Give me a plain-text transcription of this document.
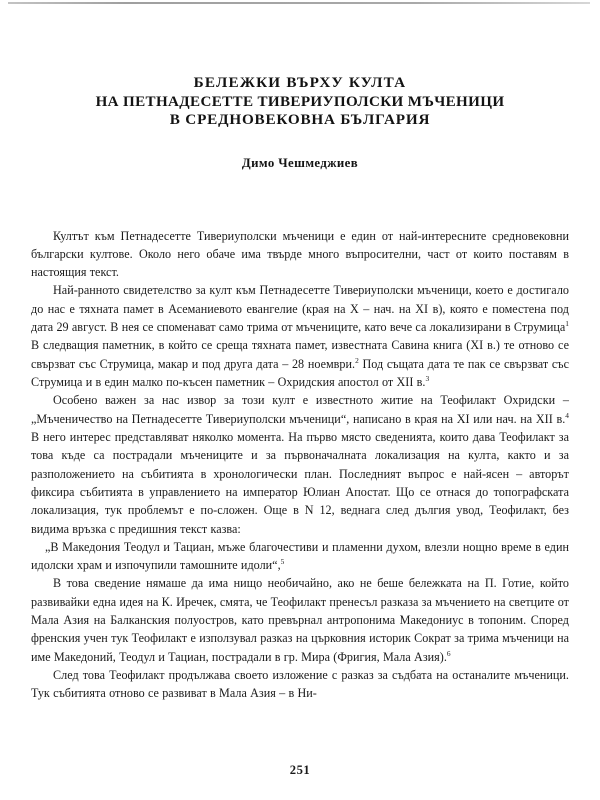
БЕЛЕЖКИ ВЪРХУ КУЛТА
НА ПЕТНАДЕСЕТТЕ ТИВЕРИУПОЛСКИ МЪЧЕНИЦИ
В СРЕДНОВЕКОВНА БЪЛГАРИЯ
Димо Чешмеджиев

Култът към Петнадесетте Тивериуполски мъченици е един от най-интересните средновековни български култове. Около него обаче има твърде много въпросителни, част от които поставям в настоящия текст.

Най-ранното свидетелство за култ към Петнадесетте Тивериуполски мъченици, което е достигало до нас е тяхната памет в Асеманиевото евангелие (края на X – нач. на XI в), която е поместена под дата 29 август. В нея се споменават само трима от мъчениците, като вече са локализирани в Струмица$^1$ В следващия паметник, в който се среща тяхната памет, известната Савина книга (XI в.) те отново се свързват със Струмица, макар и под друга дата – 28 ноември.$^2$ Под същата дата те пак се свързват със Струмица и в един малко по-късен паметник – Охридския апостол от XII в.$^3$

Особено важен за нас извор за този култ е известното житие на Теофилакт Охридски – „Мъченичество на Петнадесетте Тивериуполски мъченици“, написано в края на XI или нач. на XII в.$^4$ В него интерес представляват няколко момента. На първо място сведенията, които дава Теофилакт за това къде са пострадали мъчениците и за първоначалната локализация на култа, както и за разположението на събитията в хронологически план. Последният въпрос е най-ясен – авторът фиксира събитията в управлението на император Юлиан Апостат. Що се отнася до топографската локализация, тук проблемът е по-сложен. Още в N 12, веднага след дългия увод, Теофилакт, без видима връзка с предишния текст казва:

„В Македония Теодул и Тациан, мъже благочестиви и пламенни духом, влезли нощно време в един идолски храм и изпочупили тамошните идоли“,$^5$

В това сведение нямаше да има нищо необичайно, ако не беше бележката на П. Готие, който развивайки една идея на К. Иречек, смята, че Теофилакт пренесъл разказа за мъчението на светците от Мала Азия на Балканския полуостров, като превърнал антропонима Македониус в топоним. Според френския учен тук Теофилакт е използувал разказ на църковния историк Сократ за трима мъченици на име Македоний, Теодул и Тациан, пострадали в гр. Мира (Фригия, Мала Азия).$^6$

След това Теофилакт продължава своето изложение с разказ за съдбата на останалите мъченици. Тук събитията отново се развиват в Мала Азия – в Ни-

251
